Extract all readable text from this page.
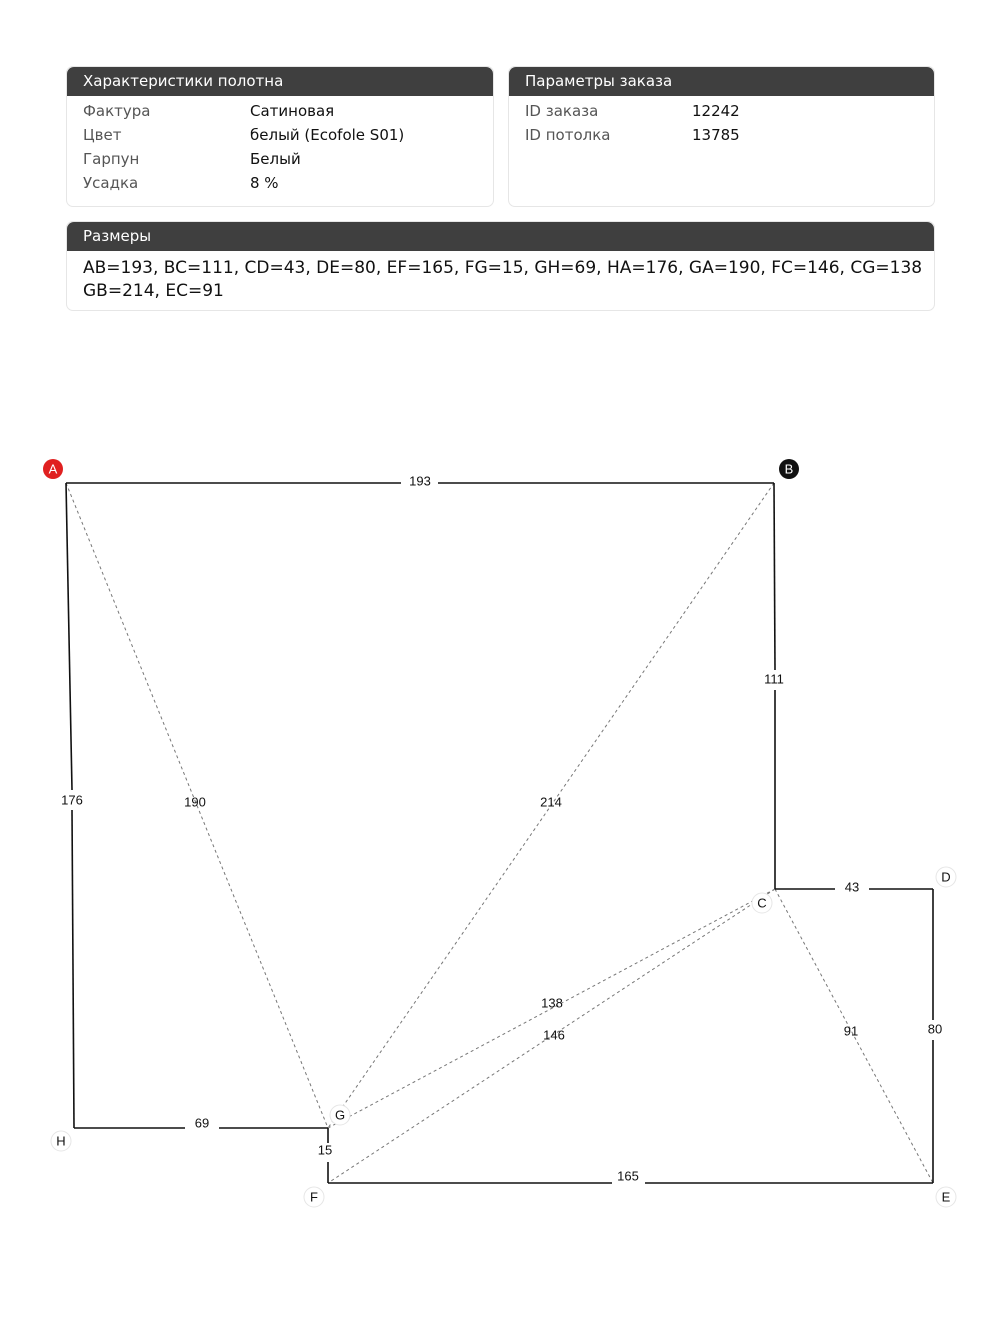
Характеристики полотна
Фактура	Сатиновая
Цвет	белый (Ecofole S01)
Гарпун	Белый
Усадка	8 %
Параметры заказа
ID заказа	12242
ID потолка	13785
Размеры
AB=193, BC=111, CD=43, DE=80, EF=165, FG=15, GH=69, HA=176, GA=190, FC=146, CG=138
GB=214, EC=91
193
111
43
80
165
15
69
176	190	214
138
146	91
A	B
C
D
E
F
G
H
